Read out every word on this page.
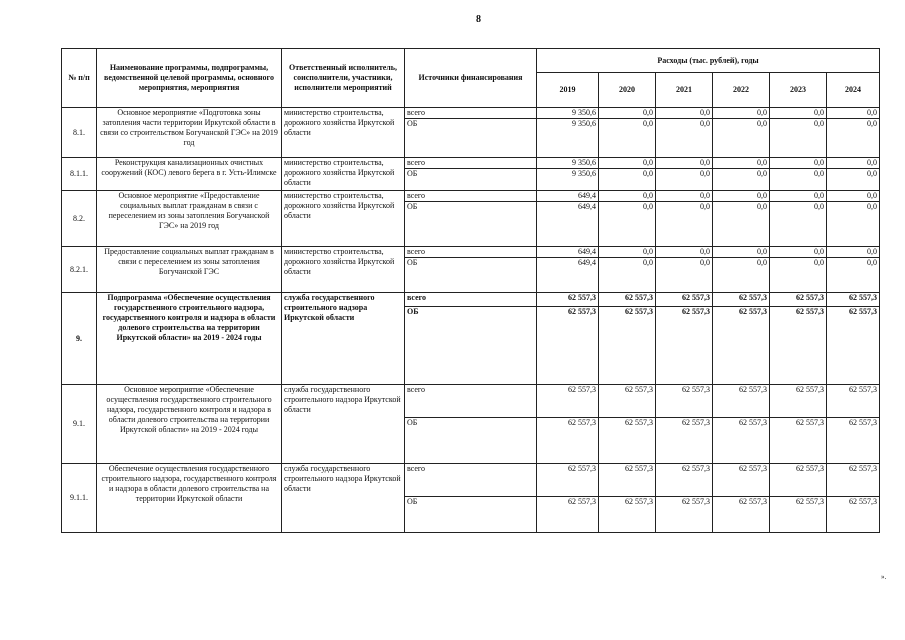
8
№ п/п	Наименование программы, подпрограммы, ведомственной целевой программы, основного мероприятия, мероприятия	Ответственный исполнитель, соисполнители, участники, исполнители мероприятий	Источники финансирования	Расходы (тыс. рублей), годы					
				2019	2020	2021	2022	2023	2024
8.1.	Основное мероприятие «Подготовка зоны затопления части территории Иркутской области в связи со строительством Богучанской ГЭС» на 2019 год	министерство строительства, дорожного хозяйства Иркутской области	всего	9 350,6	0,0	0,0	0,0	0,0	0,0
			ОБ	9 350,6	0,0	0,0	0,0	0,0	0,0
8.1.1.	Реконструкция канализационных очистных сооружений (КОС) левого берега в г. Усть-Илимске	министерство строительства, дорожного хозяйства Иркутской области	всего	9 350,6	0,0	0,0	0,0	0,0	0,0
			ОБ	9 350,6	0,0	0,0	0,0	0,0	0,0
8.2.	Основное мероприятие «Предоставление социальных выплат гражданам в связи с переселением из зоны затопления Богучанской ГЭС» на 2019 год	министерство строительства, дорожного хозяйства Иркутской области	всего	649,4	0,0	0,0	0,0	0,0	0,0
			ОБ	649,4	0,0	0,0	0,0	0,0	0,0
8.2.1.	Предоставление социальных выплат гражданам в связи с переселением из зоны затопления Богучанской ГЭС	министерство строительства, дорожного хозяйства Иркутской области	всего	649,4	0,0	0,0	0,0	0,0	0,0
			ОБ	649,4	0,0	0,0	0,0	0,0	0,0
9.	Подпрограмма «Обеспечение осуществления государственного строительного надзора, государственного контроля и надзора в области долевого строительства на территории Иркутской области» на 2019 - 2024 годы	служба государственного строительного надзора Иркутской области	всего	62 557,3	62 557,3	62 557,3	62 557,3	62 557,3	62 557,3
			ОБ	62 557,3	62 557,3	62 557,3	62 557,3	62 557,3	62 557,3
9.1.	Основное мероприятие «Обеспечение осуществления государственного строительного надзора, государственного контроля и надзора в области долевого строительства на территории Иркутской области» на 2019 - 2024 годы	служба государственного строительного надзора Иркутской области	всего	62 557,3	62 557,3	62 557,3	62 557,3	62 557,3	62 557,3
			ОБ	62 557,3	62 557,3	62 557,3	62 557,3	62 557,3	62 557,3
9.1.1.	Обеспечение осуществления государственного строительного надзора, государственного контроля и надзора в области долевого строительства на территории Иркутской области	служба государственного строительного надзора Иркутской области	всего	62 557,3	62 557,3	62 557,3	62 557,3	62 557,3	62 557,3
			ОБ	62 557,3	62 557,3	62 557,3	62 557,3	62 557,3	62 557,3
».
